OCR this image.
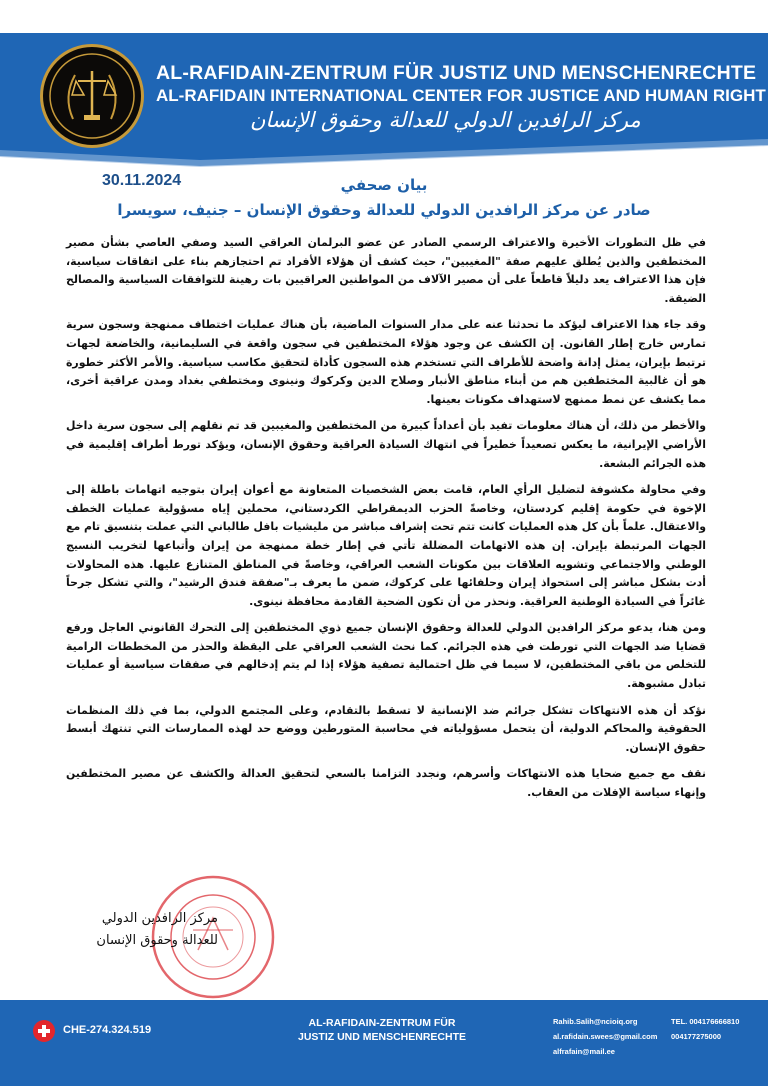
AL-RAFIDAIN-ZENTRUM FÜR JUSTIZ UND MENSCHENRECHTE
AL-RAFIDAIN INTERNATIONAL CENTER FOR JUSTICE AND HUMAN RIGHT
مركز الرافدين الدولي للعدالة وحقوق الإنسان
30.11.2024	بيان صحفي
صادر عن مركز الرافدين الدولي للعدالة وحقوق الإنسان – جنيف، سويسرا

في ظل التطورات الأخيرة والاعتراف الرسمي الصادر عن عضو البرلمان العراقي السيد وصفي العاصي بشأن مصير المختطفين والذين يُطلق عليهم صفة "المغيبين"، حيث كشف أن هؤلاء الأفراد تم احتجازهم بناء على اتفاقات سياسية، فإن هذا الاعتراف يعد دليلاً قاطعاً على أن مصير الآلاف من المواطنين العراقيين بات رهينة للتوافقات السياسية والمصالح الضيقة.

وقد جاء هذا الاعتراف ليؤكد ما تحدثنا عنه على مدار السنوات الماضية، بأن هناك عمليات اختطاف ممنهجة وسجون سرية تمارس خارج إطار القانون. إن الكشف عن وجود هؤلاء المختطفين في سجون واقعة في السليمانية، والخاضعة لجهات ترتبط بإيران، يمثل إدانة واضحة للأطراف التي تستخدم هذه السجون كأداة لتحقيق مكاسب سياسية. والأمر الأكثر خطورة هو أن غالبية المختطفين هم من أبناء مناطق الأنبار وصلاح الدين وكركوك ونينوى ومختطفي بغداد ومدن عراقية أخرى، مما يكشف عن نمط ممنهج لاستهداف مكونات بعينها.

والأخطر من ذلك، أن هناك معلومات تفيد بأن أعداداً كبيرة من المختطفين والمغيبين قد تم نقلهم إلى سجون سرية داخل الأراضي الإيرانية، ما يعكس تصعيداً خطيراً في انتهاك السيادة العراقية وحقوق الإنسان، ويؤكد تورط أطراف إقليمية في هذه الجرائم البشعة.

وفي محاولة مكشوفة لتضليل الرأي العام، قامت بعض الشخصيات المتعاونة مع أعوان إيران بتوجيه اتهامات باطلة إلى الإخوة في حكومة إقليم كردستان، وخاصةً الحزب الديمقراطي الكردستاني، محملين إياه مسؤولية عمليات الخطف والاعتقال. علماً بأن كل هذه العمليات كانت تتم تحت إشراف مباشر من مليشيات بافل طالباني التي عملت بتنسيق تام مع الجهات المرتبطة بإيران. إن هذه الاتهامات المضللة تأتي في إطار خطة ممنهجة من إيران وأتباعها لتخريب النسيج الوطني والاجتماعي وتشويه العلاقات بين مكونات الشعب العراقي، وخاصةً في المناطق المتنازع عليها. هذه المحاولات أدت بشكل مباشر إلى استحواذ إيران وحلفائها على كركوك، ضمن ما يعرف بـ"صفقة فندق الرشيد"، والتي تشكل جرحاً غائراً في السيادة الوطنية العراقية. ونحذر من أن تكون الضحية القادمة محافظة نينوى.

ومن هنا، يدعو مركز الرافدين الدولي للعدالة وحقوق الإنسان جميع ذوي المختطفين إلى التحرك القانوني العاجل ورفع قضايا ضد الجهات التي تورطت في هذه الجرائم. كما نحث الشعب العراقي على اليقظة والحذر من المخططات الرامية للتخلص من باقي المختطفين، لا سيما في ظل احتمالية تصفية هؤلاء إذا لم يتم إدخالهم في صفقات سياسية أو عمليات تبادل مشبوهة.

نؤكد أن هذه الانتهاكات تشكل جرائم ضد الإنسانية لا تسقط بالتقادم، وعلى المجتمع الدولي، بما في ذلك المنظمات الحقوقية والمحاكم الدولية، أن يتحمل مسؤولياته في محاسبة المتورطين ووضع حد لهذه الممارسات التي تنتهك أبسط حقوق الإنسان.

نقف مع جميع ضحايا هذه الانتهاكات وأسرهم، ونجدد التزامنا بالسعي لتحقيق العدالة والكشف عن مصير المختطفين وإنهاء سياسة الإفلات من العقاب.

مركز الرافدين الدولي
للعدالة وحقوق الإنسان
CHE-274.324.519
AL-RAFIDAIN-ZENTRUM FÜR
JUSTIZ UND MENSCHENRECHTE
Rahib.Salih@ncioiq.org	TEL. 004176666810
al.rafidain.swees@gmail.com 004177275000
alfrafain@mail.ee
